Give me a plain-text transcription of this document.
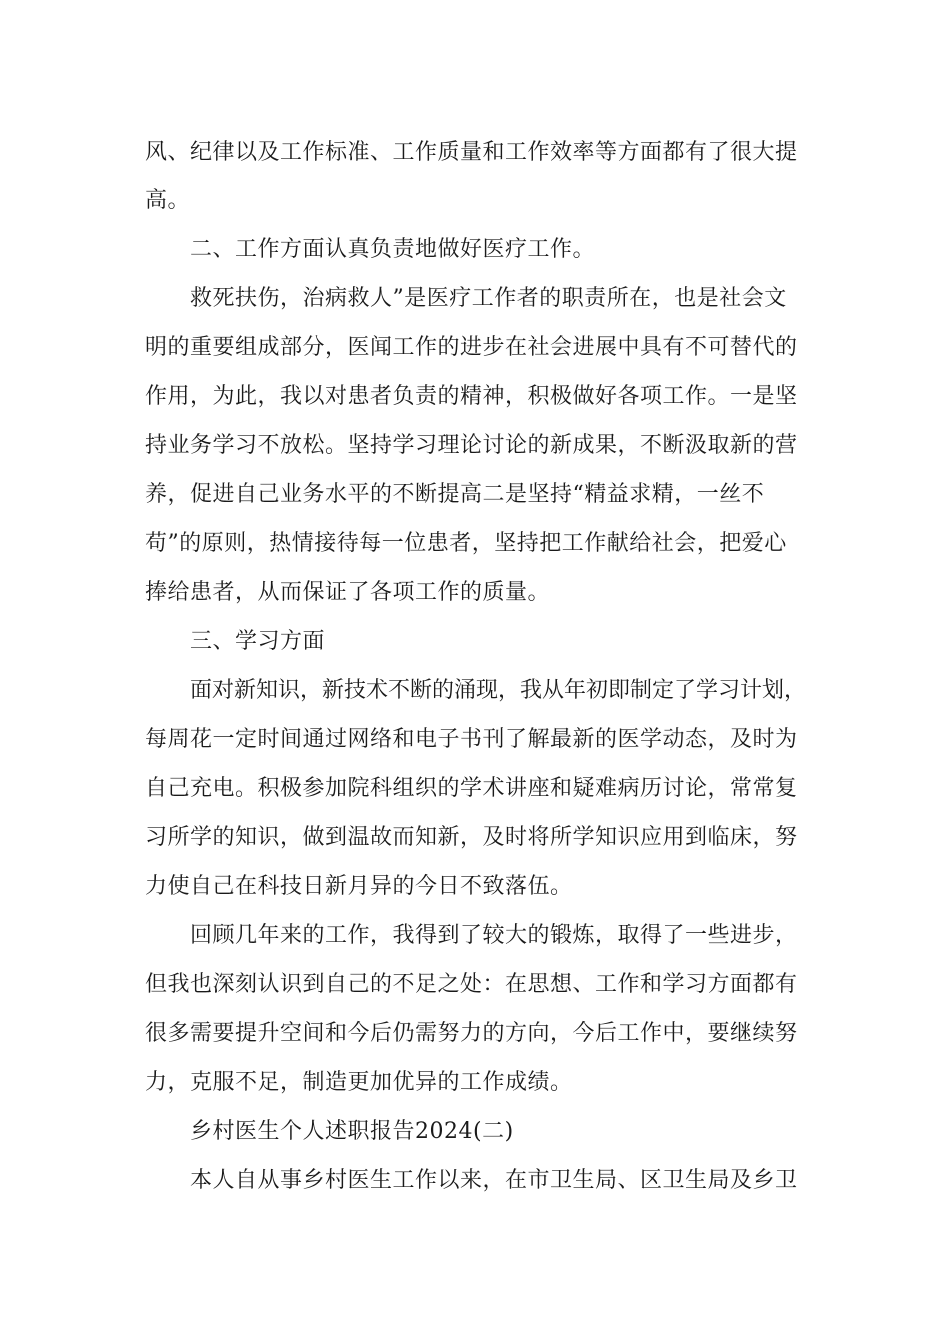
风、纪律以及工作标准、工作质量和工作效率等方面都有了很大提
高。
二、工作方面认真负责地做好医疗工作。
救死扶伤，治病救人”是医疗工作者的职责所在，也是社会文
明的重要组成部分，医闻工作的进步在社会进展中具有不可替代的
作用，为此，我以对患者负责的精神，积极做好各项工作。一是坚
持业务学习不放松。坚持学习理论讨论的新成果，不断汲取新的营
养，促进自己业务水平的不断提高二是坚持“精益求精，一丝不
苟”的原则，热情接待每一位患者，坚持把工作献给社会，把爱心
捧给患者，从而保证了各项工作的质量。
三、学习方面
面对新知识，新技术不断的涌现，我从年初即制定了学习计划，
每周花一定时间通过网络和电子书刊了解最新的医学动态，及时为
自己充电。积极参加院科组织的学术讲座和疑难病历讨论，常常复
习所学的知识，做到温故而知新，及时将所学知识应用到临床，努
力使自己在科技日新月异的今日不致落伍。
回顾几年来的工作，我得到了较大的锻炼，取得了一些进步，
但我也深刻认识到自己的不足之处：在思想、工作和学习方面都有
很多需要提升空间和今后仍需努力的方向，今后工作中，要继续努
力，克服不足，制造更加优异的工作成绩。
乡村医生个人述职报告2024(二)
本人自从事乡村医生工作以来，在市卫生局、区卫生局及乡卫
